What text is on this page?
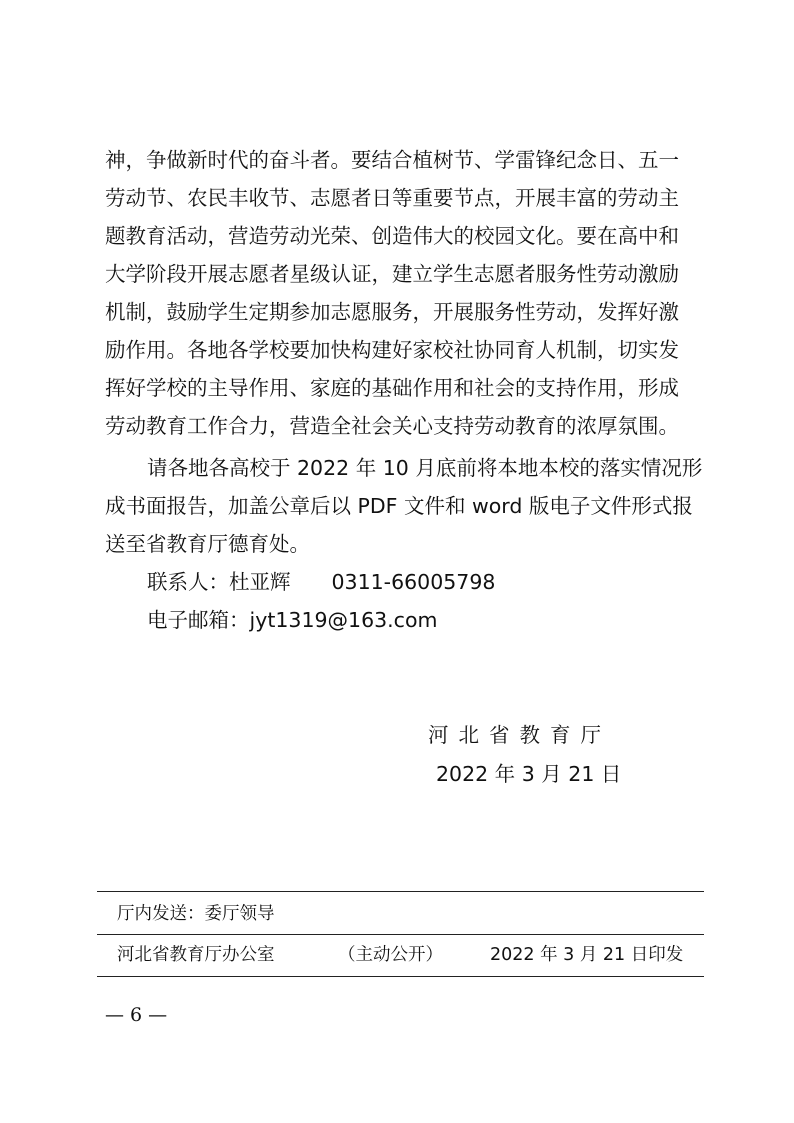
神，争做新时代的奋斗者。要结合植树节、学雷锋纪念日、五一
劳动节、农民丰收节、志愿者日等重要节点，开展丰富的劳动主
题教育活动，营造劳动光荣、创造伟大的校园文化。要在高中和
大学阶段开展志愿者星级认证，建立学生志愿者服务性劳动激励
机制，鼓励学生定期参加志愿服务，开展服务性劳动，发挥好激
励作用。各地各学校要加快构建好家校社协同育人机制，切实发
挥好学校的主导作用、家庭的基础作用和社会的支持作用，形成
劳动教育工作合力，营造全社会关心支持劳动教育的浓厚氛围。
请各地各高校于 2022 年 10 月底前将本地本校的落实情况形
成书面报告，加盖公章后以 PDF 文件和 word 版电子文件形式报
送至省教育厅德育处。
联系人：杜亚辉　　0311-66005798
电子邮箱：jyt1319@163.com
河北省教育厅
2022 年 3 月 21 日
厅内发送：委厅领导
河北省教育厅办公室	（主动公开）	2022 年 3 月 21 日印发
— 6 —
